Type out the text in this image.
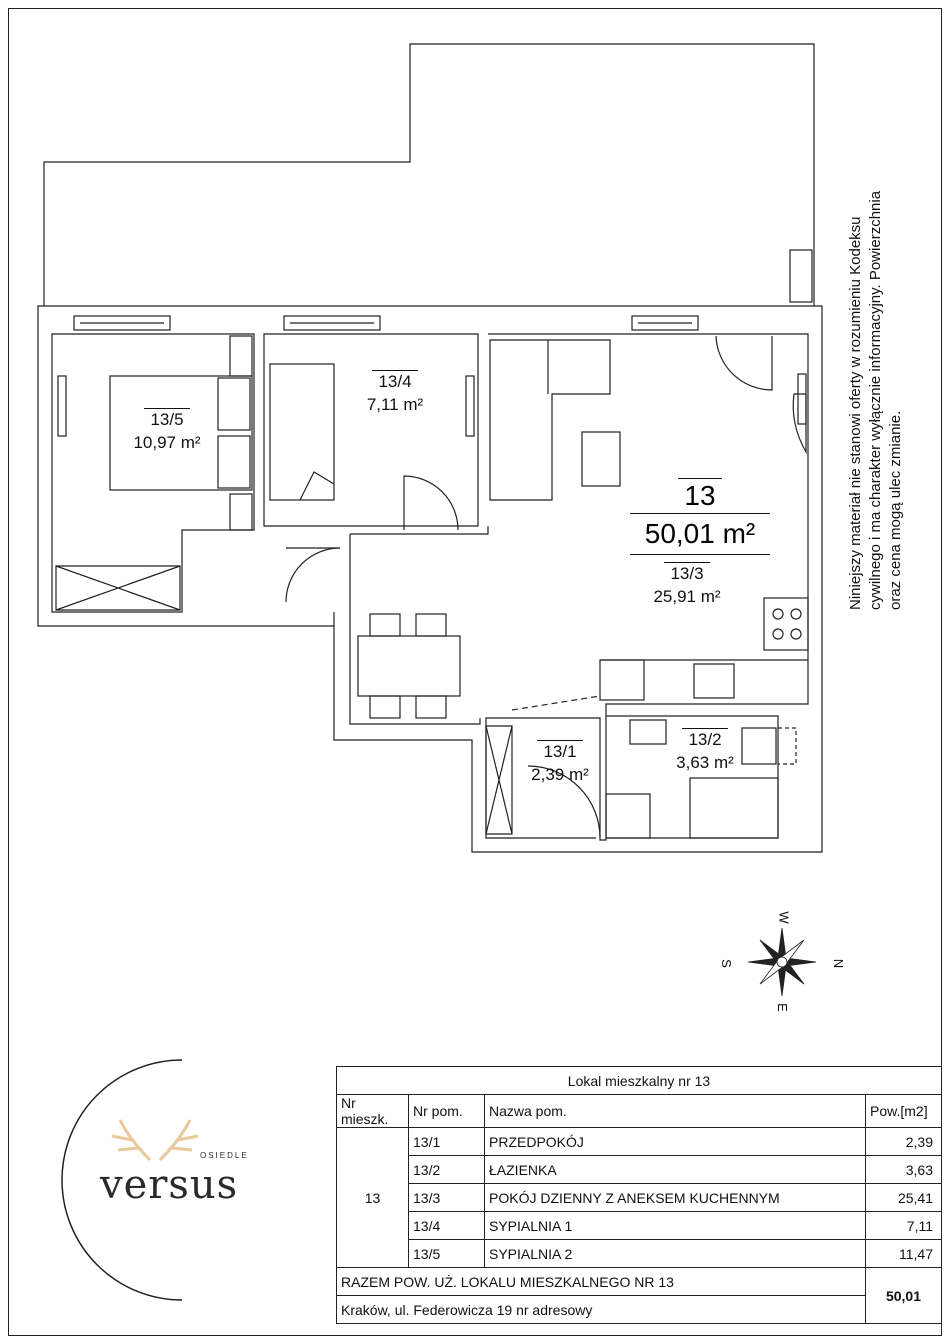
W
S	N
E
13/5
10,97 m²
13/4
7,11 m²
13/3
25,91 m²
13/1
2,39 m²
13/2
3,63 m²
13
50,01 m²	Niniejszy materiał nie stanowi oferty w rozumieniu Kodeksu cywilnego i ma charakter wyłącznie informacyjny. Powierzchnia oraz cena mogą ulec zmianie.
OSIEDLE
versus
Lokal mieszkalny nr 13			
Nr mieszk.	Nr pom.	Nazwa pom.	Pow.[m2]
13	13/1	PRZEDPOKÓJ	2,39
	13/2	ŁAZIENKA	3,63
	13/3	POKÓJ DZIENNY Z ANEKSEM KUCHENNYM	25,41
	13/4	SYPIALNIA 1	7,11
	13/5	SYPIALNIA 2	11,47
RAZEM POW. UŻ. LOKALU MIESZKALNEGO NR 13			50,01
Kraków, ul. Federowicza 19 nr adresowy			
